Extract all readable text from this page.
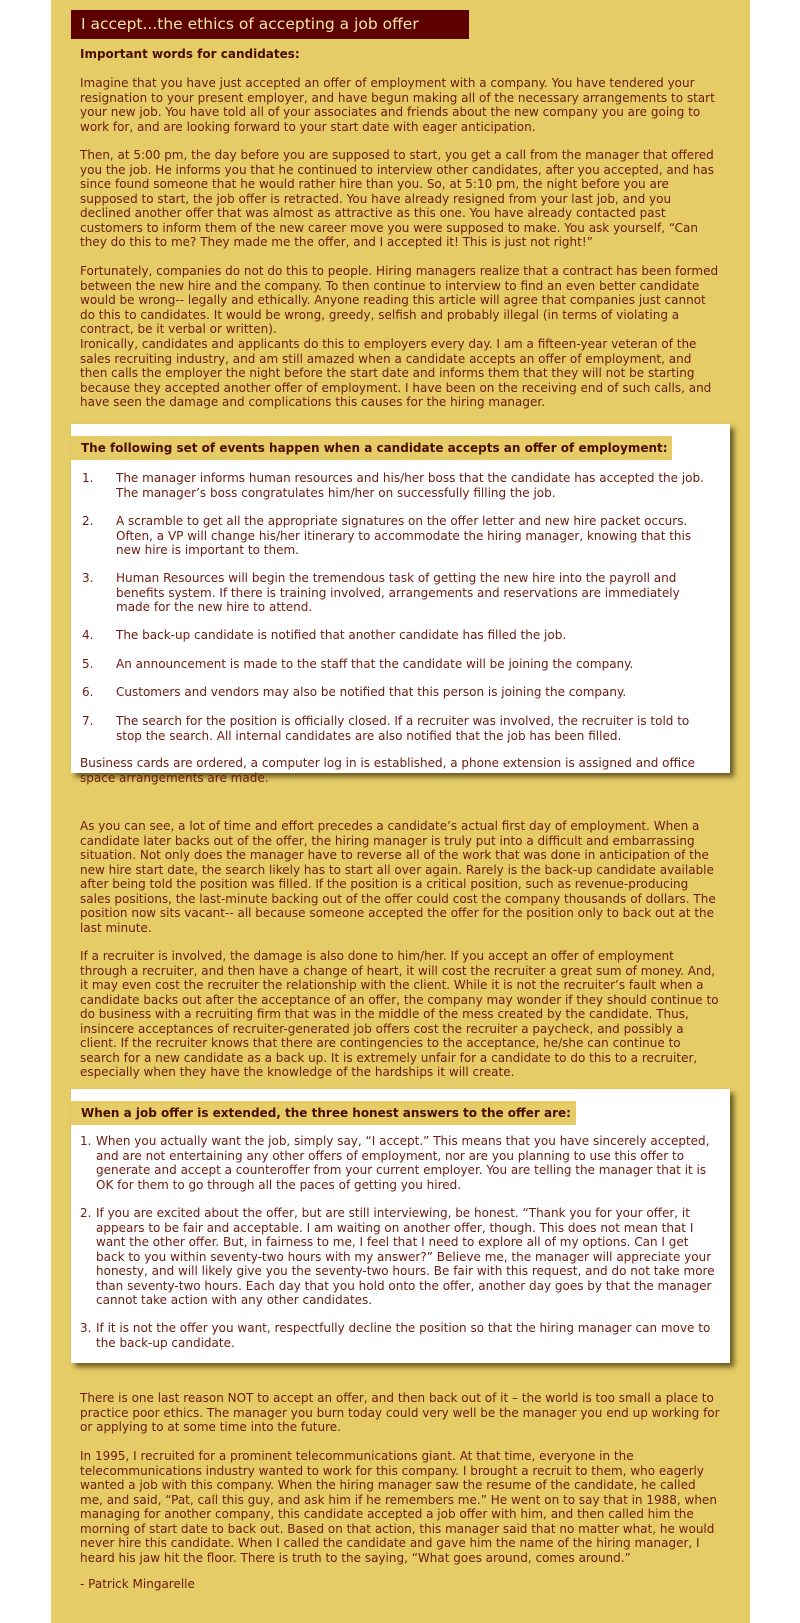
I accept...the ethics of accepting a job offer

Important words for candidates:

Imagine that you have just accepted an offer of employment with a company. You have tendered your resignation to your present employer, and have begun making all of the necessary arrangements to start your new job. You have told all of your associates and friends about the new company you are going to work for, and are looking forward to your start date with eager anticipation.

Then, at 5:00 pm, the day before you are supposed to start, you get a call from the manager that offered you the job. He informs you that he continued to interview other candidates, after you accepted, and has since found someone that he would rather hire than you. So, at 5:10 pm, the night before you are supposed to start, the job offer is retracted. You have already resigned from your last job, and you declined another offer that was almost as attractive as this one. You have already contacted past customers to inform them of the new career move you were supposed to make. You ask yourself, “Can they do this to me? They made me the offer, and I accepted it! This is just not right!”

Fortunately, companies do not do this to people. Hiring managers realize that a contract has been formed between the new hire and the company. To then continue to interview to find an even better candidate would be wrong-- legally and ethically. Anyone reading this article will agree that companies just cannot do this to candidates. It would be wrong, greedy, selfish and probably illegal (in terms of violating a contract, be it verbal or written).

Ironically, candidates and applicants do this to employers every day. I am a fifteen-year veteran of the sales recruiting industry, and am still amazed when a candidate accepts an offer of employment, and then calls the employer the night before the start date and informs them that they will not be starting because they accepted another offer of employment. I have been on the receiving end of such calls, and have seen the damage and complications this causes for the hiring manager.

The following set of events happen when a candidate accepts an offer of employment:
1. The manager informs human resources and his/her boss that the candidate has accepted the job. The manager’s boss congratulates him/her on successfully filling the job.
2. A scramble to get all the appropriate signatures on the offer letter and new hire packet occurs. Often, a VP will change his/her itinerary to accommodate the hiring manager, knowing that this new hire is important to them.
3. Human Resources will begin the tremendous task of getting the new hire into the payroll and benefits system. If there is training involved, arrangements and reservations are immediately made for the new hire to attend.
4. The back-up candidate is notified that another candidate has filled the job.
5. An announcement is made to the staff that the candidate will be joining the company.
6. Customers and vendors may also be notified that this person is joining the company.
7. The search for the position is officially closed. If a recruiter was involved, the recruiter is told to stop the search. All internal candidates are also notified that the job has been filled.

Business cards are ordered, a computer log in is established, a phone extension is assigned and office space arrangements are made.

As you can see, a lot of time and effort precedes a candidate’s actual first day of employment. When a candidate later backs out of the offer, the hiring manager is truly put into a difficult and embarrassing situation. Not only does the manager have to reverse all of the work that was done in anticipation of the new hire start date, the search likely has to start all over again. Rarely is the back-up candidate available after being told the position was filled. If the position is a critical position, such as revenue-producing sales positions, the last-minute backing out of the offer could cost the company thousands of dollars. The position now sits vacant-- all because someone accepted the offer for the position only to back out at the last minute.

If a recruiter is involved, the damage is also done to him/her. If you accept an offer of employment through a recruiter, and then have a change of heart, it will cost the recruiter a great sum of money. And, it may even cost the recruiter the relationship with the client. While it is not the recruiter’s fault when a candidate backs out after the acceptance of an offer, the company may wonder if they should continue to do business with a recruiting firm that was in the middle of the mess created by the candidate. Thus, insincere acceptances of recruiter-generated job offers cost the recruiter a paycheck, and possibly a client. If the recruiter knows that there are contingencies to the acceptance, he/she can continue to search for a new candidate as a back up. It is extremely unfair for a candidate to do this to a recruiter, especially when they have the knowledge of the hardships it will create.

When a job offer is extended, the three honest answers to the offer are:
1. When you actually want the job, simply say, “I accept.” This means that you have sincerely accepted, and are not entertaining any other offers of employment, nor are you planning to use this offer to generate and accept a counteroffer from your current employer. You are telling the manager that it is OK for them to go through all the paces of getting you hired.
2. If you are excited about the offer, but are still interviewing, be honest. “Thank you for your offer, it appears to be fair and acceptable. I am waiting on another offer, though. This does not mean that I want the other offer. But, in fairness to me, I feel that I need to explore all of my options. Can I get back to you within seventy-two hours with my answer?” Believe me, the manager will appreciate your honesty, and will likely give you the seventy-two hours. Be fair with this request, and do not take more than seventy-two hours. Each day that you hold onto the offer, another day goes by that the manager cannot take action with any other candidates.
3. If it is not the offer you want, respectfully decline the position so that the hiring manager can move to the back-up candidate.

There is one last reason NOT to accept an offer, and then back out of it – the world is too small a place to practice poor ethics. The manager you burn today could very well be the manager you end up working for or applying to at some time into the future.

In 1995, I recruited for a prominent telecommunications giant. At that time, everyone in the telecommunications industry wanted to work for this company. I brought a recruit to them, who eagerly wanted a job with this company. When the hiring manager saw the resume of the candidate, he called me, and said, “Pat, call this guy, and ask him if he remembers me.” He went on to say that in 1988, when managing for another company, this candidate accepted a job offer with him, and then called him the morning of start date to back out. Based on that action, this manager said that no matter what, he would never hire this candidate. When I called the candidate and gave him the name of the hiring manager, I heard his jaw hit the floor. There is truth to the saying, “What goes around, comes around.”

- Patrick Mingarelle
